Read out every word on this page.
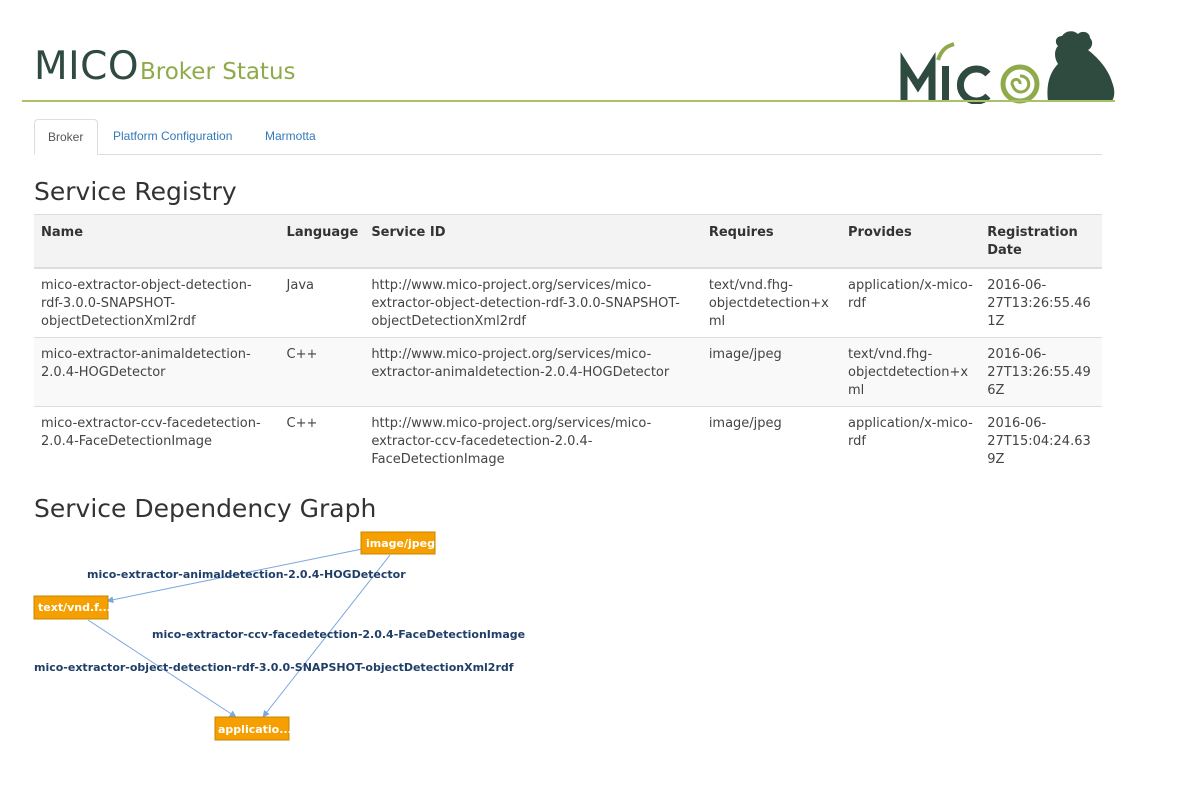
MICO Broker Status
Broker	Platform Configuration	Marmotta
Service Registry
Name	Language	Service ID	Requires	Provides	Registration Date
mico-extractor-object-detection-rdf-3.0.0-SNAPSHOT-objectDetectionXml2rdf	Java	http://www.mico-project.org/services/mico-extractor-object-detection-rdf-3.0.0-SNAPSHOT-objectDetectionXml2rdf	text/vnd.fhg-objectdetection+xml	application/x-mico-rdf	2016-06-27T13:26:55.461Z
mico-extractor-animaldetection-2.0.4-HOGDetector	C++	http://www.mico-project.org/services/mico-extractor-animaldetection-2.0.4-HOGDetector	image/jpeg	text/vnd.fhg-objectdetection+xml	2016-06-27T13:26:55.496Z
mico-extractor-ccv-facedetection-2.0.4-FaceDetectionImage	C++	http://www.mico-project.org/services/mico-extractor-ccv-facedetection-2.0.4-FaceDetectionImage	image/jpeg	application/x-mico-rdf	2016-06-27T15:04:24.639Z
Service Dependency Graph
mico-extractor-animaldetection-2.0.4-HOGDetector
mico-extractor-ccv-facedetection-2.0.4-FaceDetectionImage
mico-extractor-object-detection-rdf-3.0.0-SNAPSHOT-objectDetectionXml2rdf
image/jpeg
text/vnd.f...
applicatio...
